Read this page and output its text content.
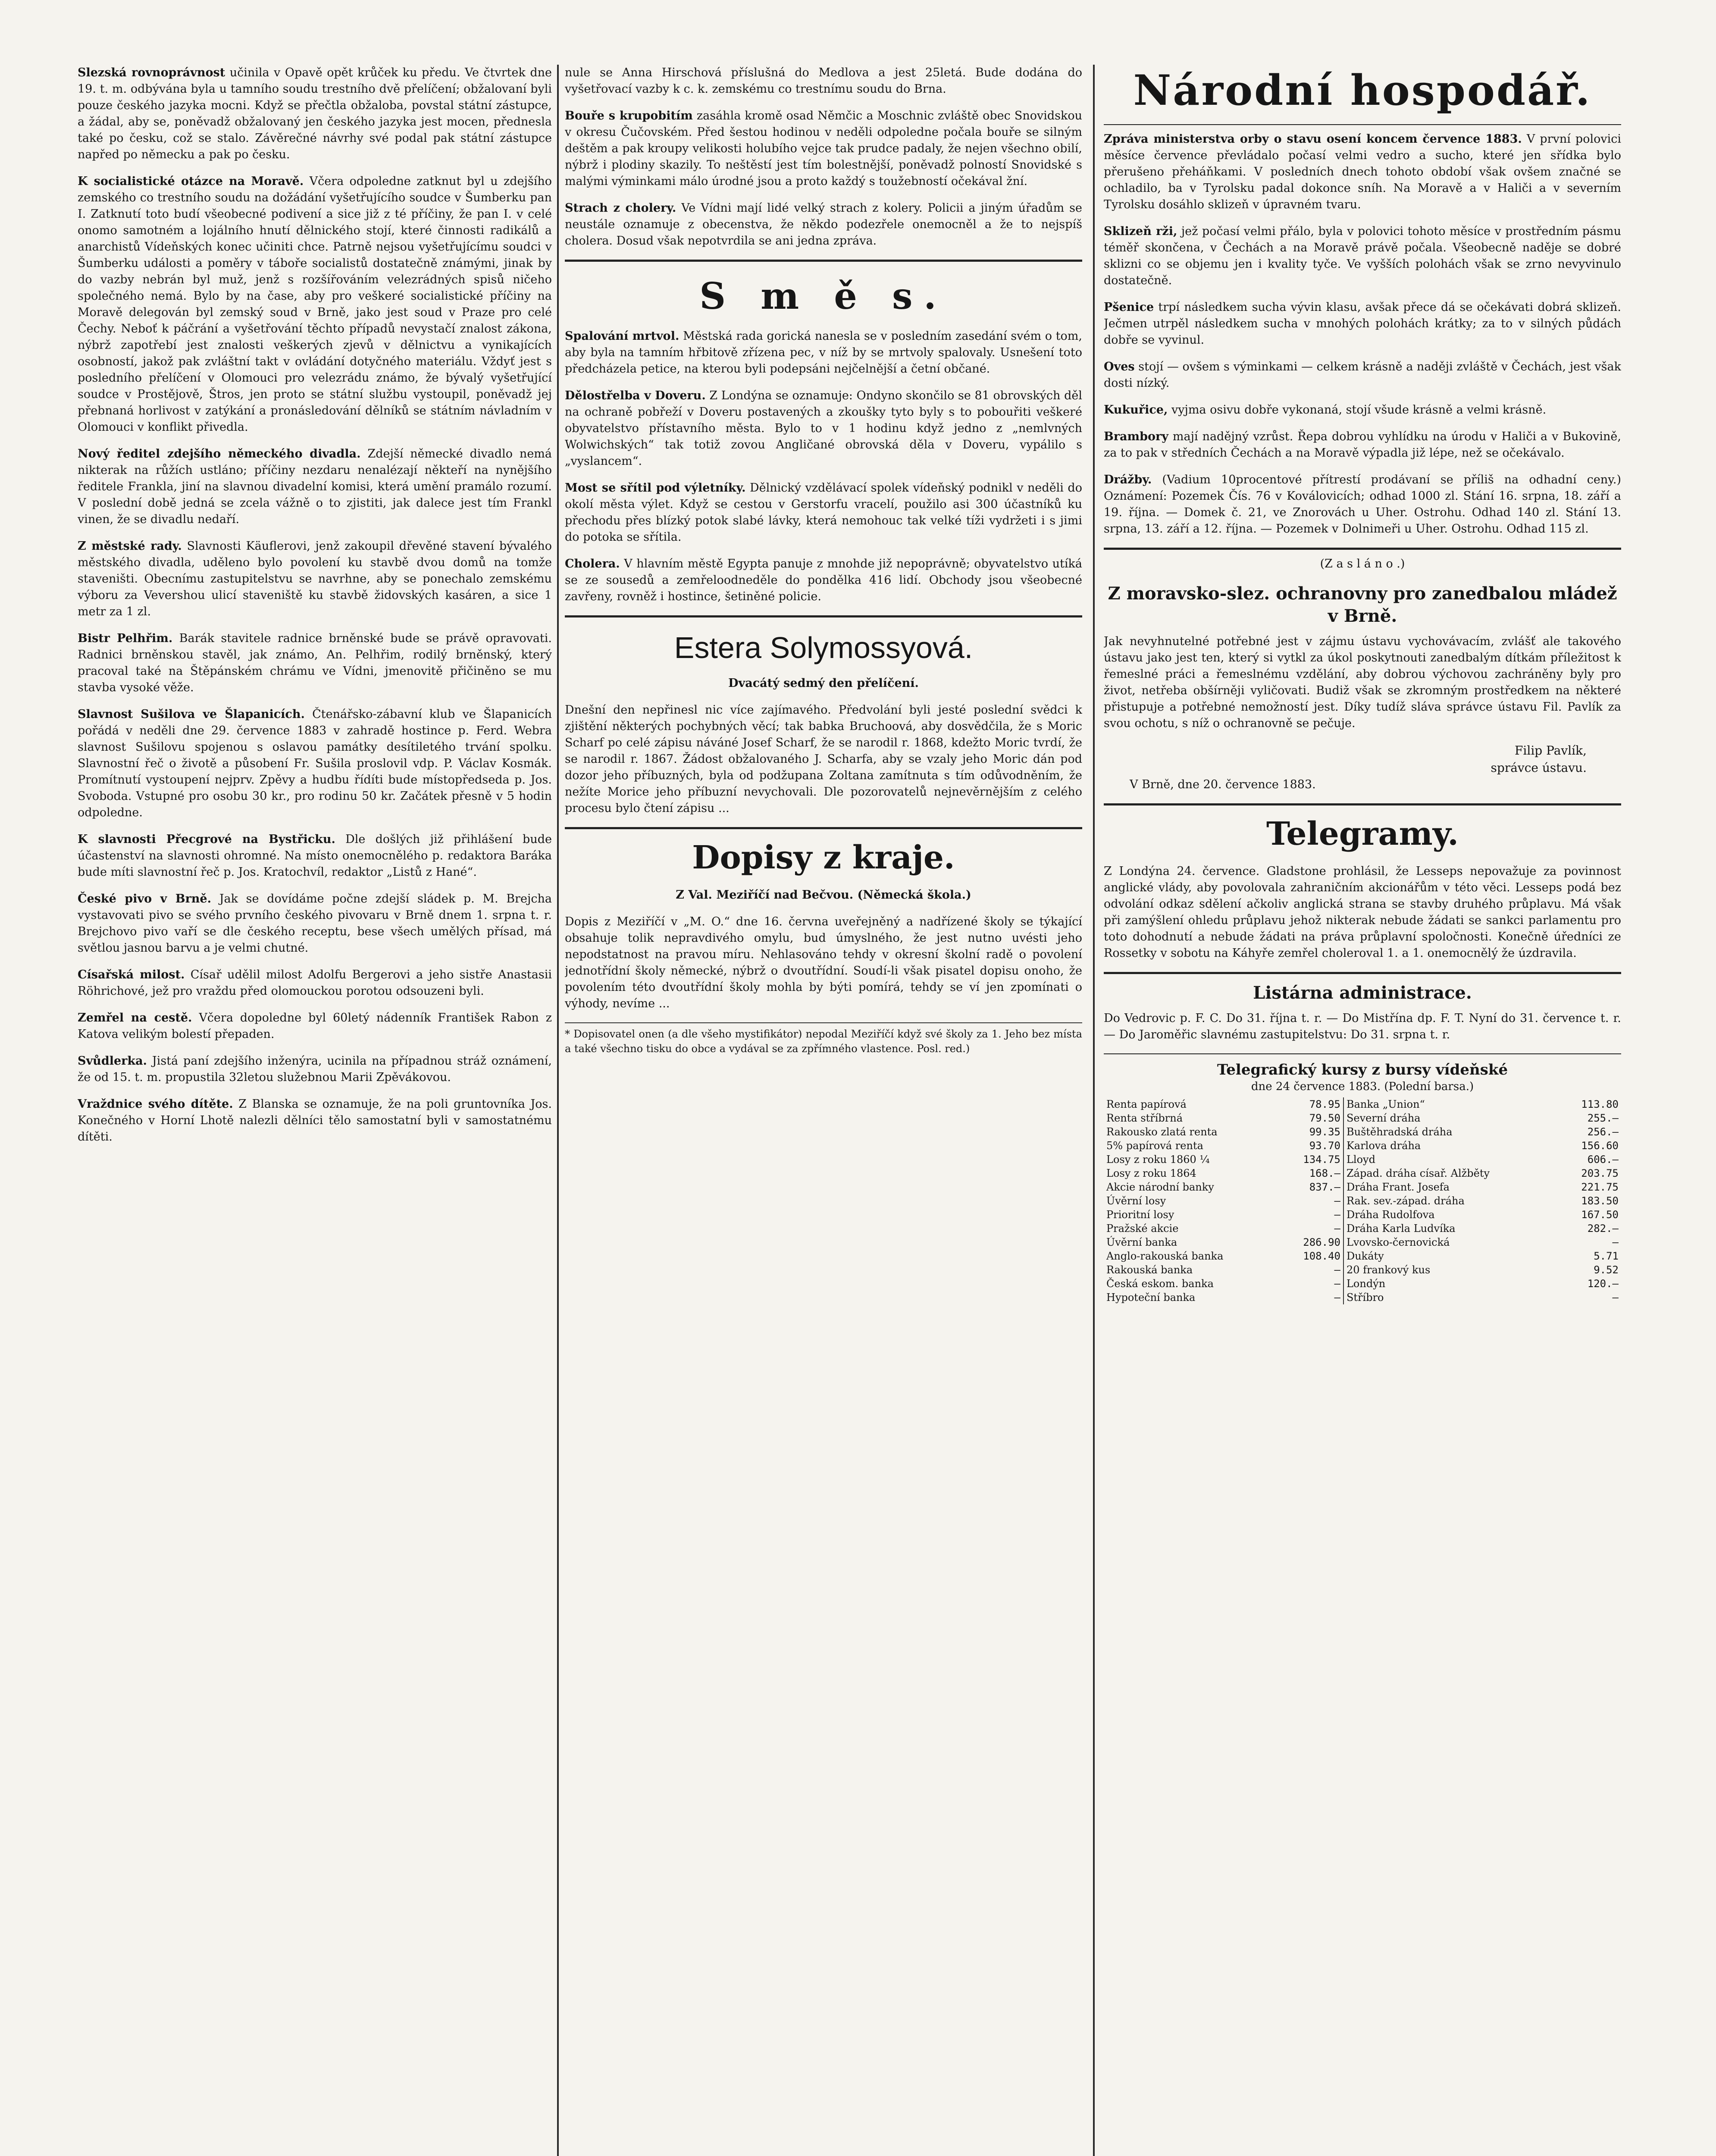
Slezská rovnoprávnost učinila v Opavě opět krůček ku předu. Ve čtvrtek dne 19. t. m. odbývána byla u tamního soudu trestního dvě přelíčení; obžalovaní byli pouze českého jazyka mocni. Když se přečtla obžaloba, povstal státní zástupce, a žádal, aby se, poněvadž obžalovaný jen českého jazyka jest mocen, přednesla také po česku, což se stalo. Závěrečné návrhy své podal pak státní zástupce napřed po německu a pak po česku.

K socialistické otázce na Moravě. Včera odpoledne zatknut byl u zdejšího zemského co trestního soudu na dožádání vyšetřujícího soudce v Šumberku pan I. Zatknutí toto budí všeobecné podivení a sice již z té příčiny, že pan I. v celé onomo samotném a lojálního hnutí dělnického stojí, které činnosti radikálů a anarchistů Vídeňských konec učiniti chce. Patrně nejsou vyšetřujícímu soudci v Šumberku události a poměry v táboře socialistů dostatečně známými, jinak by do vazby nebrán byl muž, jenž s rozšířováním velezrádných spisů ničeho společného nemá. Bylo by na čase, aby pro veškeré socialistické příčiny na Moravě delegován byl zemský soud v Brně, jako jest soud v Praze pro celé Čechy. Neboť k páčrání a vyšetřování těchto případů nevystačí znalost zákona, nýbrž zapotřebí jest znalosti veškerých zjevů v dělnictvu a vynikajících osobností, jakož pak zvláštní takt v ovládání dotyčného materiálu. Vždyť jest s posledního přelíčení v Olomouci pro velezrádu známo, že bývalý vyšetřující soudce v Prostějově, Štros, jen proto se státní službu vystoupil, poněvadž jej přebnaná horlivost v zatýkání a pronásledování dělníků se státním návladním v Olomouci v konflikt přivedla.

Nový ředitel zdejšího německého divadla. Zdejší německé divadlo nemá nikterak na růžích ustláno; příčiny nezdaru nenalézají někteří na nynějšího ředitele Frankla, jiní na slavnou divadelní komisi, která umění pramálo rozumí. V poslední době jedná se zcela vážně o to zjistiti, jak dalece jest tím Frankl vinen, že se divadlu nedaří.

Z městské rady. Slavnosti Käuflerovi, jenž zakoupil dřevěné stavení bývalého městského divadla, uděleno bylo povolení ku stavbě dvou domů na tomže staveništi. Obecnímu zastupitelstvu se navrhne, aby se ponechalo zemskému výboru za Vevershou ulicí staveniště ku stavbě židovských kasáren, a sice 1 metr za 1 zl.

Bistr Pelhřim. Barák stavitele radnice brněnské bude se právě opravovati. Radnici brněnskou stavěl, jak známo, An. Pelhřim, rodilý brněnský, který pracoval také na Štěpánském chrámu ve Vídni, jmenovitě přičiněno se mu stavba vysoké věže.

Slavnost Sušilova ve Šlapanicích. Čtenářsko-zábavní klub ve Šlapanicích pořádá v neděli dne 29. července 1883 v zahradě hostince p. Ferd. Webra slavnost Sušilovu spojenou s oslavou památky desítiletého trvání spolku. Slavnostní řeč o životě a působení Fr. Sušila proslovil vdp. P. Václav Kosmák. Promítnutí vystoupení nejprv. Zpěvy a hudbu řídíti bude místopředseda p. Jos. Svoboda. Vstupné pro osobu 30 kr., pro rodinu 50 kr. Začátek přesně v 5 hodin odpoledne.

K slavnosti Přecgrové na Bystřicku. Dle došlých již přihlášení bude účastenství na slavnosti ohromné. Na místo onemocnělého p. redaktora Baráka bude míti slavnostní řeč p. Jos. Kratochvíl, redaktor „Listů z Hané“.

České pivo v Brně. Jak se dovídáme počne zdejší sládek p. M. Brejcha vystavovati pivo se svého prvního českého pivovaru v Brně dnem 1. srpna t. r. Brejchovo pivo vaří se dle českého receptu, bese všech umělých přísad, má světlou jasnou barvu a je velmi chutné.

Císařská milost. Císař udělil milost Adolfu Bergerovi a jeho sistře Anastasii Röhrichové, jež pro vraždu před olomouckou porotou odsouzeni byli.

Zemřel na cestě. Včera dopoledne byl 60letý nádenník František Rabon z Katova velikým bolestí přepaden.

Svůdlerka. Jistá paní zdejšího inženýra, ucinila na případnou stráž oznámení, že od 15. t. m. propustila 32letou služebnou Marii Zpěvákovou.

Vraždnice svého dítěte. Z Blanska se oznamuje, že na poli gruntovníka Jos. Konečného v Horní Lhotě nalezli dělníci tělo samostatní byli v samostatnému dítěti.

nule se Anna Hirschová příslušná do Medlova a jest 25letá. Bude dodána do vyšetřovací vazby k c. k. zemskému co trestnímu soudu do Brna.

Bouře s krupobitím zasáhla kromě osad Němčic a Moschnic zvláště obec Snovidskou v okresu Čučovském. Před šestou hodinou v neděli odpoledne počala bouře se silným deštěm a pak kroupy velikosti holubího vejce tak prudce padaly, že nejen všechno obilí, nýbrž i plodiny skazily. To neštěstí jest tím bolestnější, poněvadž polností Snovidské s malými výminkami málo úrodné jsou a proto každý s toužebností očekával žní.

Strach z cholery. Ve Vídni mají lidé velký strach z kolery. Policii a jiným úřadům se neustále oznamuje z obecenstva, že někdo podezřele onemocněl a že to nejspíš cholera. Dosud však nepotvrdila se ani jedna zpráva.

S m ě s.

Spalování mrtvol. Městská rada gorická nanesla se v posledním zasedání svém o tom, aby byla na tamním hřbitově zřízena pec, v níž by se mrtvoly spalovaly. Usnešení toto předcházela petice, na kterou byli podepsáni nejčelnější a četní občané.

Dělostřelba v Doveru. Z Londýna se oznamuje: Ondyno skončilo se 81 obrovských děl na ochraně pobřeží v Doveru postavených a zkoušky tyto byly s to pobouřiti veškeré obyvatelstvo přístavního města. Bylo to v 1 hodinu když jedno z „nemlvných Wolwichských“ tak totiž zovou Angličané obrovská děla v Doveru, vypálilo s „vyslancem“.

Most se sřítil pod výletníky. Dělnický vzdělávací spolek vídeňský podnikl v neděli do okolí města výlet. Když se cestou v Gerstorfu vracelí, použilo asi 300 účastníků ku přechodu přes blízký potok slabé lávky, která nemohouc tak velké tíži vydržeti i s jimi do potoka se sřítila.

Cholera. V hlavním městě Egypta panuje z mnohde již nepoprávně; obyvatelstvo utíká se ze sousedů a zemřeloodneděle do pondělka 416 lidí. Obchody jsou všeobecné zavřeny, rovněž i hostince, šetiněné policie.

Estera Solymossyová.
Dvacátý sedmý den přelíčení.

Dnešní den nepřinesl nic více zajímavého. Předvolání byli jesté poslední svědci k zjištění některých pochybných věcí; tak babka Bruchoová, aby dosvědčila, že s Moric Scharf po celé zápisu náváné Josef Scharf, že se narodil r. 1868, kdežto Moric tvrdí, že se narodil r. 1867. Žádost obžalovaného J. Scharfa, aby se vzaly jeho Moric dán pod dozor jeho příbuzných, byla od podžupana Zoltana zamítnuta s tím odůvodněním, že nežíte Morice jeho příbuzní nevychovali. Dle pozorovatelů nejnevěrnějším z celého procesu bylo čtení zápisu ...

Dopisy z kraje.
Z Val. Meziříčí nad Bečvou. (Německá škola.)

Dopis z Meziříčí v „M. O.“ dne 16. června uveřejněný a nadřízené školy se týkající obsahuje tolik nepravdivého omylu, bud úmyslného, že jest nutno uvésti jeho nepodstatnost na pravou míru. Nehlasováno tehdy v okresní školní radě o povolení jednotřídní školy německé, nýbrž o dvoutřídní. Soudí-li však pisatel dopisu onoho, že povolením této dvoutřídní školy mohla by býti pomírá, tehdy se ví jen zpomínati o výhody, nevíme ...

* Dopisovatel onen (a dle všeho mystifikátor) nepodal Meziříčí když své školy za 1. Jeho bez místa a také všechno tisku do obce a vydával se za zpřímného vlastence. Posl. red.)

Národní hospodář.

Zpráva ministerstva orby o stavu osení koncem července 1883. V první polovici měsíce července převládalo počasí velmi vedro a sucho, které jen sřídka bylo přerušeno přeháňkami. V posledních dnech tohoto období však ovšem značné se ochladilo, ba v Tyrolsku padal dokonce sníh. Na Moravě a v Haliči a v severním Tyrolsku dosáhlo sklizeň v úpravném tvaru.

Sklizeň rži, jež počasí velmi přálo, byla v polovici tohoto měsíce v prostředním pásmu téměř skončena, v Čechách a na Moravě právě počala. Všeobecně naděje se dobré sklizni co se objemu jen i kvality tyče. Ve vyšších polohách však se zrno nevyvinulo dostatečně.

Pšenice trpí následkem sucha vývin klasu, avšak přece dá se očekávati dobrá sklizeň. Ječmen utrpěl následkem sucha v mnohých polohách krátky; za to v silných půdách dobře se vyvinul.

Oves stojí — ovšem s výminkami — celkem krásně a naději zvláště v Čechách, jest však dosti nízký.

Kukuřice, vyjma osivu dobře vykonaná, stojí všude krásně a velmi krásně.

Brambory mají nadějný vzrůst. Řepa dobrou vyhlídku na úrodu v Haliči a v Bukovině, za to pak v středních Čechách a na Moravě výpadla již lépe, než se očekávalo.

Drážby. (Vadium 10procentové přítrestí prodávaní se příliš na odhadní ceny.) Oznámení: Pozemek Čís. 76 v Koválovicích; odhad 1000 zl. Stání 16. srpna, 18. září a 19. října. — Domek č. 21, ve Znorovách u Uher. Ostrohu. Odhad 140 zl. Stání 13. srpna, 13. září a 12. října. — Pozemek v Dolnimeři u Uher. Ostrohu. Odhad 115 zl.

(Z a s l á n o .)
Z moravsko-slez. ochranovny pro zanedbalou mládež v Brně.

Jak nevyhnutelné potřebné jest v zájmu ústavu vychovávacím, zvlášť ale takového ústavu jako jest ten, který si vytkl za úkol poskytnouti zanedbalým dítkám příležitost k řemeslné práci a řemeslnému vzdělání, aby dobrou výchovou zachráněny byly pro život, netřeba obšírněji vyličovati. Budiž však se zkromným prostředkem na některé přistupuje a potřebné nemožností jest. Díky tudíž sláva správce ústavu Fil. Pavlík za svou ochotu, s níž o ochranovně se pečuje.

Filip Pavlík,
správce ústavu.
V Brně, dne 20. července 1883.
Telegramy.

Z Londýna 24. července. Gladstone prohlásil, že Lesseps nepovažuje za povinnost anglické vlády, aby povolovala zahraničním akcionářům v této věci. Lesseps podá bez odvolání odkaz sdělení ačkoliv anglická strana se stavby druhého průplavu. Má však při zamýšlení ohledu průplavu jehož nikterak nebude žádati se sankci parlamentu pro toto dohodnutí a nebude žádati na práva průplavní spoločnosti. Konečně úředníci ze Rossetky v sobotu na Káhyře zemřel choleroval 1. a 1. onemocnělý že úzdravila.

Listárna administrace.

Do Vedrovic p. F. C. Do 31. října t. r. — Do Mistřína dp. F. T. Nyní do 31. července t. r. — Do Jaroměřic slavnému zastupitelstvu: Do 31. srpna t. r.

Telegrafický kursy z bursy vídeňské
dne 24 července 1883. (Polední barsa.)
Renta papírová	78.95	Banka „Union“	113.80
Renta stříbrná	79.50	Severní dráha	255.—
Rakousko zlatá renta	99.35	Buštěhradská dráha	256.—
5% papírová renta	93.70	Karlova dráha	156.60
Losy z roku 1860 ¼	134.75	Lloyd	606.—
Losy z roku 1864	168.—	Západ. dráha císař. Alžběty	203.75
Akcie národní banky	837.—	Dráha Frant. Josefa	221.75
Úvěrní losy	—	Rak. sev.-západ. dráha	183.50
Prioritní losy	—	Dráha Rudolfova	167.50
Pražské akcie	—	Dráha Karla Ludvíka	282.—
Úvěrní banka	286.90	Lvovsko-černovická	—
Anglo-rakouská banka	108.40	Dukáty	5.71
Rakouská banka	—	20 frankový kus	9.52
Česká eskom. banka	—	Londýn	120.—
Hypoteční banka	—	Stříbro	—
